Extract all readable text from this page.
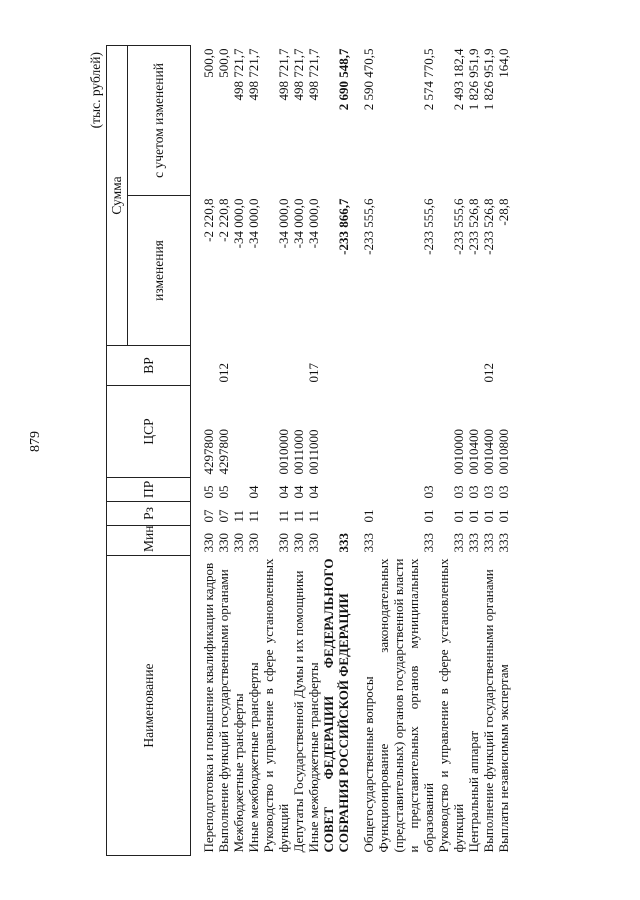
879
(тыс. рублей)
Наименование	Мин	Рз	ПР	ЦСР	ВР	Сумма	
						изменения	с учетом изменений

Переподготовка и повышение квалификации кадров	330	07	05	4297800		-2 220,8	500,0
Выполнение функций государственными органами	330	07	05	4297800	012	-2 220,8	500,0
Межбюджетные трансферты	330	11				-34 000,0	498 721,7
Иные межбюджетные трансферты	330	11	04			-34 000,0	498 721,7
Руководство и управление в сфере установленных функций	330	11	04	0010000		-34 000,0	498 721,7
Депутаты Государственной Думы и их помощники	330	11	04	0011000		-34 000,0	498 721,7
Иные межбюджетные трансферты	330	11	04	0011000	017	-34 000,0	498 721,7
СОВЕТ ФЕДЕРАЦИИ ФЕДЕРАЛЬНОГО СОБРАНИЯ РОССИЙСКОЙ ФЕДЕРАЦИИ	333					-233 866,7	2 690 548,7

Общегосударственные вопросы	333	01				-233 555,6	2 590 470,5
Функционирование законодательных (представительных) органов государственной власти и представительных органов муниципальных образований	333	01	03			-233 555,6	2 574 770,5
Руководство и управление в сфере установленных функций	333	01	03	0010000		-233 555,6	2 493 182,4
Центральный аппарат	333	01	03	0010400		-233 526,8	1 826 951,9
Выполнение функций государственными органами	333	01	03	0010400	012	-233 526,8	1 826 951,9
Выплаты независимым экспертам	333	01	03	0010800		-28,8	164,0
